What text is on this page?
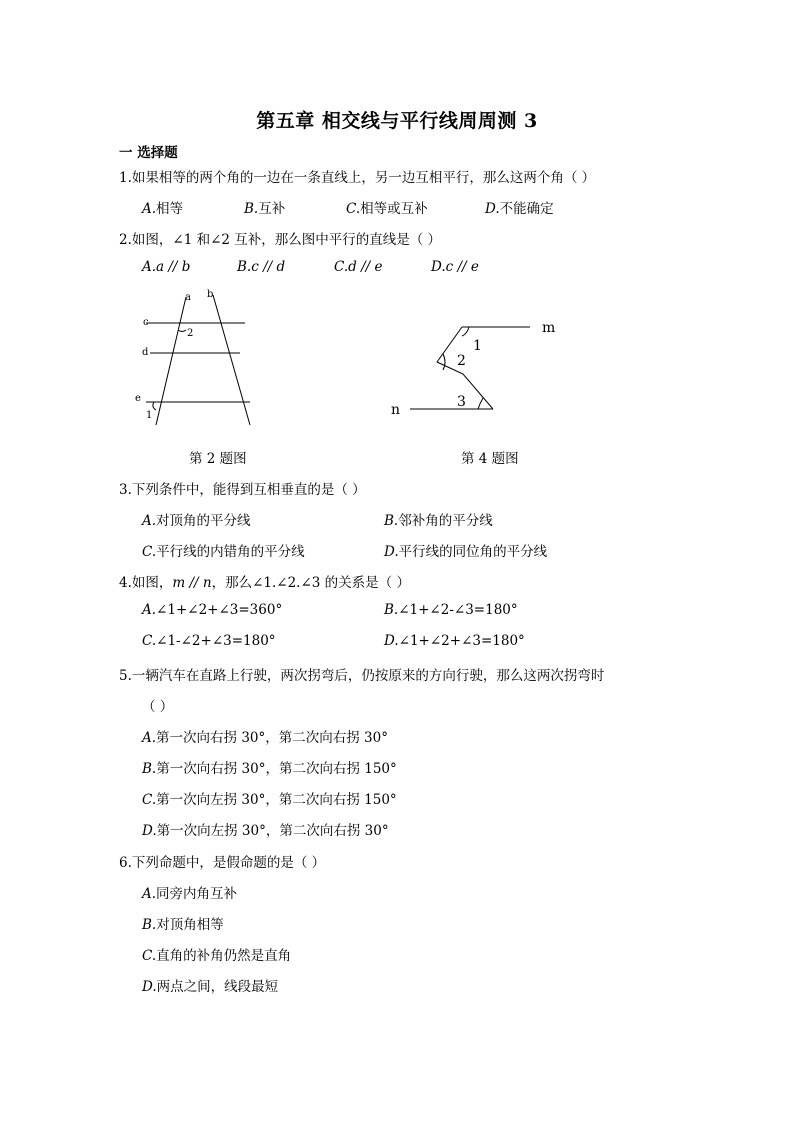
第五章 相交线与平行线周周测 3
一 选择题
1.如果相等的两个角的一边在一条直线上，另一边互相平行，那么这两个角（ ）
A.相等	B.互补	C.相等或互补	D.不能确定
2.如图，∠1 和∠2 互补，那么图中平行的直线是（ ）
A.a // b	B.c // d	C.d // e	D.c // e
a b
c
d
e
2
1
第 2 题图
m
n
1
2
3
第 4 题图
3.下列条件中，能得到互相垂直的是（ ）
A.对顶角的平分线	B.邻补角的平分线
C.平行线的内错角的平分线	D.平行线的同位角的平分线
4.如图，m // n，那么∠1.∠2.∠3 的关系是（ ）
A.∠1+∠2+∠3=360°	B.∠1+∠2-∠3=180°
C.∠1-∠2+∠3=180°	D.∠1+∠2+∠3=180°
5.一辆汽车在直路上行驶，两次拐弯后，仍按原来的方向行驶，那么这两次拐弯时
（ ）
A.第一次向右拐 30°，第二次向右拐 30°
B.第一次向右拐 30°，第二次向右拐 150°
C.第一次向左拐 30°，第二次向右拐 150°
D.第一次向左拐 30°，第二次向右拐 30°
6.下列命题中，是假命题的是（ ）
A.同旁内角互补
B.对顶角相等
C.直角的补角仍然是直角
D.两点之间，线段最短
